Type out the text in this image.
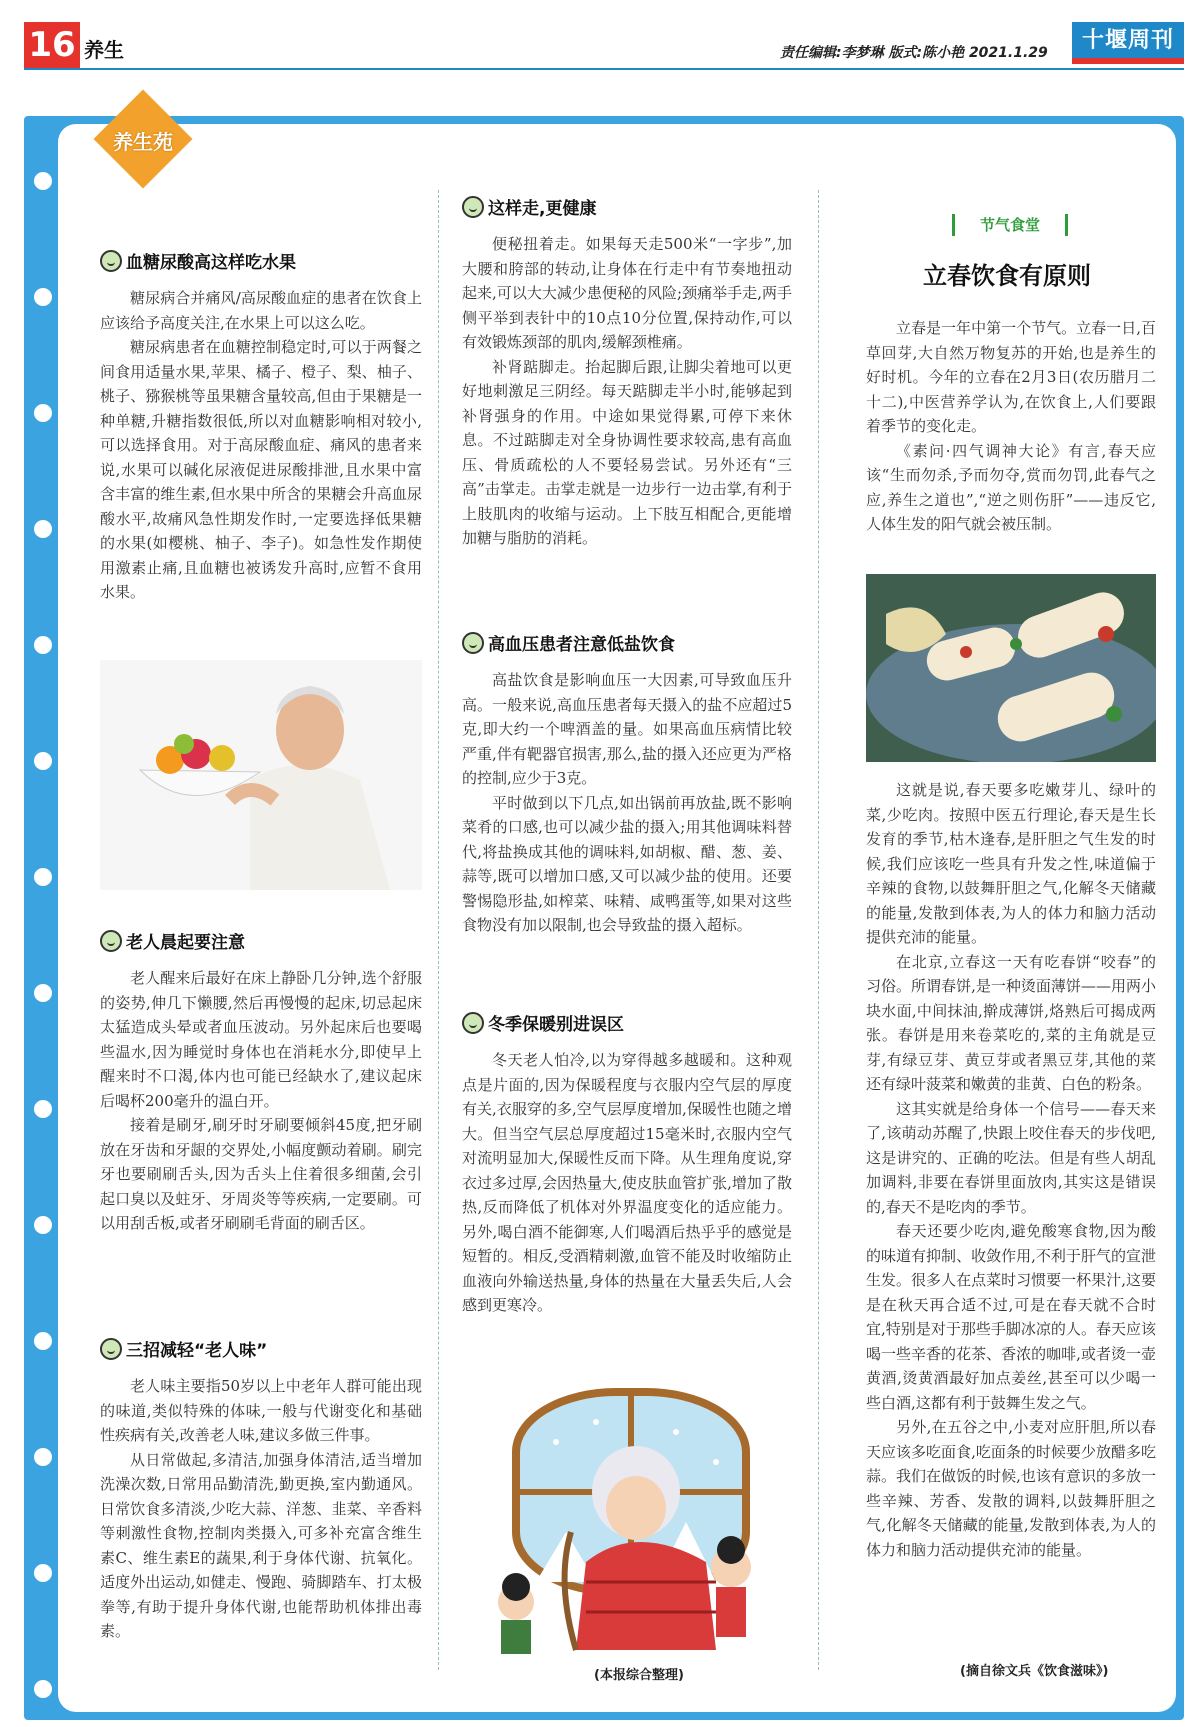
16 养生	责任编辑:李梦琳 版式:陈小艳 2021.1.29	十堰周刊
养生苑
血糖尿酸高这样吃水果

糖尿病合并痛风/高尿酸血症的患者在饮食上应该给予高度关注,在水果上可以这么吃。

糖尿病患者在血糖控制稳定时,可以于两餐之间食用适量水果,苹果、橘子、橙子、梨、柚子、桃子、猕猴桃等虽果糖含量较高,但由于果糖是一种单糖,升糖指数很低,所以对血糖影响相对较小,可以选择食用。对于高尿酸血症、痛风的患者来说,水果可以碱化尿液促进尿酸排泄,且水果中富含丰富的维生素,但水果中所含的果糖会升高血尿酸水平,故痛风急性期发作时,一定要选择低果糖的水果(如樱桃、柚子、李子)。如急性发作期使用激素止痛,且血糖也被诱发升高时,应暂不食用水果。

老人晨起要注意

老人醒来后最好在床上静卧几分钟,选个舒服的姿势,伸几下懒腰,然后再慢慢的起床,切忌起床太猛造成头晕或者血压波动。另外起床后也要喝些温水,因为睡觉时身体也在消耗水分,即使早上醒来时不口渴,体内也可能已经缺水了,建议起床后喝杯200毫升的温白开。

接着是刷牙,刷牙时牙刷要倾斜45度,把牙刷放在牙齿和牙龈的交界处,小幅度颤动着刷。刷完牙也要刷刷舌头,因为舌头上住着很多细菌,会引起口臭以及蛀牙、牙周炎等等疾病,一定要刷。可以用刮舌板,或者牙刷刷毛背面的刷舌区。

三招减轻“老人味”

老人味主要指50岁以上中老年人群可能出现的味道,类似特殊的体味,一般与代谢变化和基础性疾病有关,改善老人味,建议多做三件事。

从日常做起,多清洁,加强身体清洁,适当增加洗澡次数,日常用品勤清洗,勤更换,室内勤通风。日常饮食多清淡,少吃大蒜、洋葱、韭菜、辛香料等刺激性食物,控制肉类摄入,可多补充富含维生素C、维生素E的蔬果,利于身体代谢、抗氧化。适度外出运动,如健走、慢跑、骑脚踏车、打太极拳等,有助于提升身体代谢,也能帮助机体排出毒素。

这样走,更健康

便秘扭着走。如果每天走500米“一字步”,加大腰和胯部的转动,让身体在行走中有节奏地扭动起来,可以大大减少患便秘的风险;颈痛举手走,两手侧平举到表针中的10点10分位置,保持动作,可以有效锻炼颈部的肌肉,缓解颈椎痛。

补肾踮脚走。抬起脚后跟,让脚尖着地可以更好地刺激足三阴经。每天踮脚走半小时,能够起到补肾强身的作用。中途如果觉得累,可停下来休息。不过踮脚走对全身协调性要求较高,患有高血压、骨质疏松的人不要轻易尝试。另外还有“三高”击掌走。击掌走就是一边步行一边击掌,有利于上肢肌肉的收缩与运动。上下肢互相配合,更能增加糖与脂肪的消耗。

高血压患者注意低盐饮食

高盐饮食是影响血压一大因素,可导致血压升高。一般来说,高血压患者每天摄入的盐不应超过5克,即大约一个啤酒盖的量。如果高血压病情比较严重,伴有靶器官损害,那么,盐的摄入还应更为严格的控制,应少于3克。

平时做到以下几点,如出锅前再放盐,既不影响菜肴的口感,也可以减少盐的摄入;用其他调味料替代,将盐换成其他的调味料,如胡椒、醋、葱、姜、蒜等,既可以增加口感,又可以减少盐的使用。还要警惕隐形盐,如榨菜、味精、咸鸭蛋等,如果对这些食物没有加以限制,也会导致盐的摄入超标。

冬季保暖别进误区

冬天老人怕冷,以为穿得越多越暖和。这种观点是片面的,因为保暖程度与衣服内空气层的厚度有关,衣服穿的多,空气层厚度增加,保暖性也随之增大。但当空气层总厚度超过15毫米时,衣服内空气对流明显加大,保暖性反而下降。从生理角度说,穿衣过多过厚,会因热量大,使皮肤血管扩张,增加了散热,反而降低了机体对外界温度变化的适应能力。另外,喝白酒不能御寒,人们喝酒后热乎乎的感觉是短暂的。相反,受酒精刺激,血管不能及时收缩防止血液向外输送热量,身体的热量在大量丢失后,人会感到更寒冷。

(本报综合整理)
节气食堂
立春饮食有原则

立春是一年中第一个节气。立春一日,百草回芽,大自然万物复苏的开始,也是养生的好时机。今年的立春在2月3日(农历腊月二十二),中医营养学认为,在饮食上,人们要跟着季节的变化走。

《素问·四气调神大论》有言,春天应该“生而勿杀,予而勿夺,赏而勿罚,此春气之应,养生之道也”,“逆之则伤肝”——违反它,人体生发的阳气就会被压制。

这就是说,春天要多吃嫩芽儿、绿叶的菜,少吃肉。按照中医五行理论,春天是生长发育的季节,枯木逢春,是肝胆之气生发的时候,我们应该吃一些具有升发之性,味道偏于辛辣的食物,以鼓舞肝胆之气,化解冬天储藏的能量,发散到体表,为人的体力和脑力活动提供充沛的能量。

在北京,立春这一天有吃春饼“咬春”的习俗。所谓春饼,是一种烫面薄饼——用两小块水面,中间抹油,擀成薄饼,烙熟后可揭成两张。春饼是用来卷菜吃的,菜的主角就是豆芽,有绿豆芽、黄豆芽或者黑豆芽,其他的菜还有绿叶菠菜和嫩黄的韭黄、白色的粉条。

这其实就是给身体一个信号——春天来了,该萌动苏醒了,快跟上咬住春天的步伐吧,这是讲究的、正确的吃法。但是有些人胡乱加调料,非要在春饼里面放肉,其实这是错误的,春天不是吃肉的季节。

春天还要少吃肉,避免酸寒食物,因为酸的味道有抑制、收敛作用,不利于肝气的宣泄生发。很多人在点菜时习惯要一杯果汁,这要是在秋天再合适不过,可是在春天就不合时宜,特别是对于那些手脚冰凉的人。春天应该喝一些辛香的花茶、香浓的咖啡,或者烫一壶黄酒,烫黄酒最好加点姜丝,甚至可以少喝一些白酒,这都有利于鼓舞生发之气。

另外,在五谷之中,小麦对应肝胆,所以春天应该多吃面食,吃面条的时候要少放醋多吃蒜。我们在做饭的时候,也该有意识的多放一些辛辣、芳香、发散的调料,以鼓舞肝胆之气,化解冬天储藏的能量,发散到体表,为人的体力和脑力活动提供充沛的能量。

(摘自徐文兵《饮食滋味》)
